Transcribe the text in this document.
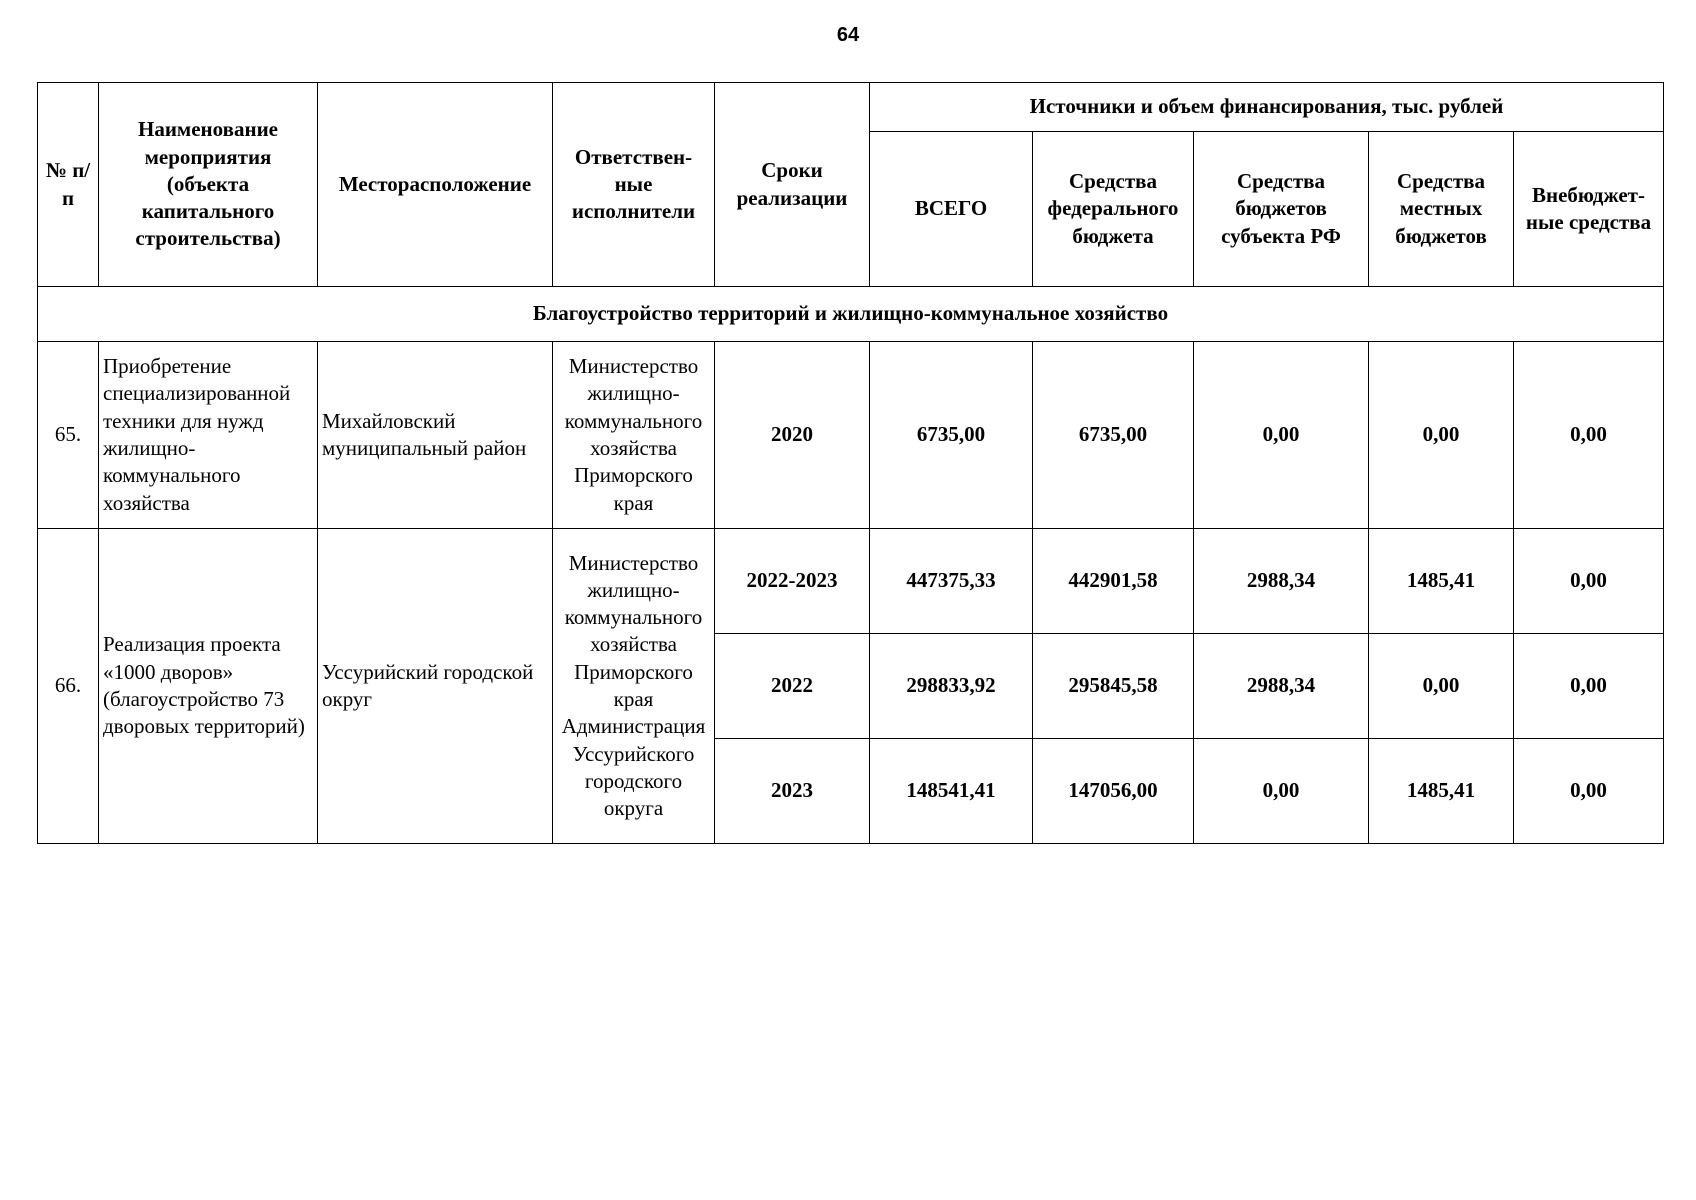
64
№ п/п	Наименование мероприятия (объекта капитального строительства)	Месторасположение	Ответствен-ные исполнители	Сроки реализации	Источники и объем финансирования, тыс. рублей				
					ВСЕГО	Средства федерального бюджета	Средства бюджетов субъекта РФ	Средства местных бюджетов	Внебюджет-ные средства
Благоустройство территорий и жилищно-коммунальное хозяйство									
65.	Приобретение специализированной техники для нужд жилищно-коммунального хозяйства	Михайловский муниципальный район	Министерство жилищно-коммунального хозяйства Приморского края	2020	6735,00	6735,00	0,00	0,00	0,00
66.	Реализация проекта «1000 дворов» (благоустройство 73 дворовых территорий)	Уссурийский городской округ	Министерство жилищно-коммунального хозяйства Приморского края Администрация Уссурийского городского округа	2022-2023	447375,33	442901,58	2988,34	1485,41	0,00
				2022	298833,92	295845,58	2988,34	0,00	0,00
				2023	148541,41	147056,00	0,00	1485,41	0,00
